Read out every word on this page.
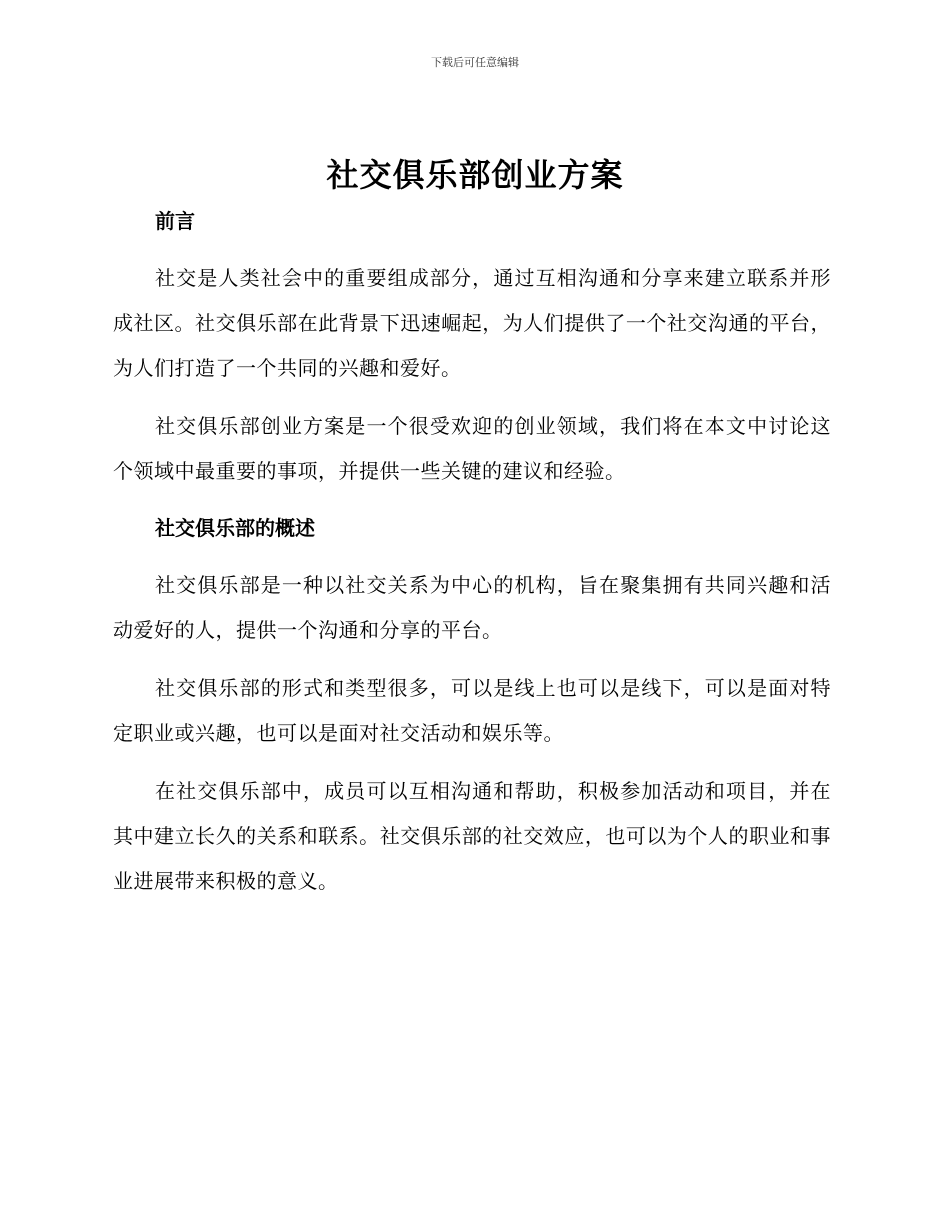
下载后可任意编辑
社交俱乐部创业方案
前言

社交是人类社会中的重要组成部分，通过互相沟通和分享来建立联系并形成社区。社交俱乐部在此背景下迅速崛起，为人们提供了一个社交沟通的平台，为人们打造了一个共同的兴趣和爱好。

社交俱乐部创业方案是一个很受欢迎的创业领域，我们将在本文中讨论这个领域中最重要的事项，并提供一些关键的建议和经验。

社交俱乐部的概述

社交俱乐部是一种以社交关系为中心的机构，旨在聚集拥有共同兴趣和活动爱好的人，提供一个沟通和分享的平台。

社交俱乐部的形式和类型很多，可以是线上也可以是线下，可以是面对特定职业或兴趣，也可以是面对社交活动和娱乐等。

在社交俱乐部中，成员可以互相沟通和帮助，积极参加活动和项目，并在其中建立长久的关系和联系。社交俱乐部的社交效应，也可以为个人的职业和事业进展带来积极的意义。
